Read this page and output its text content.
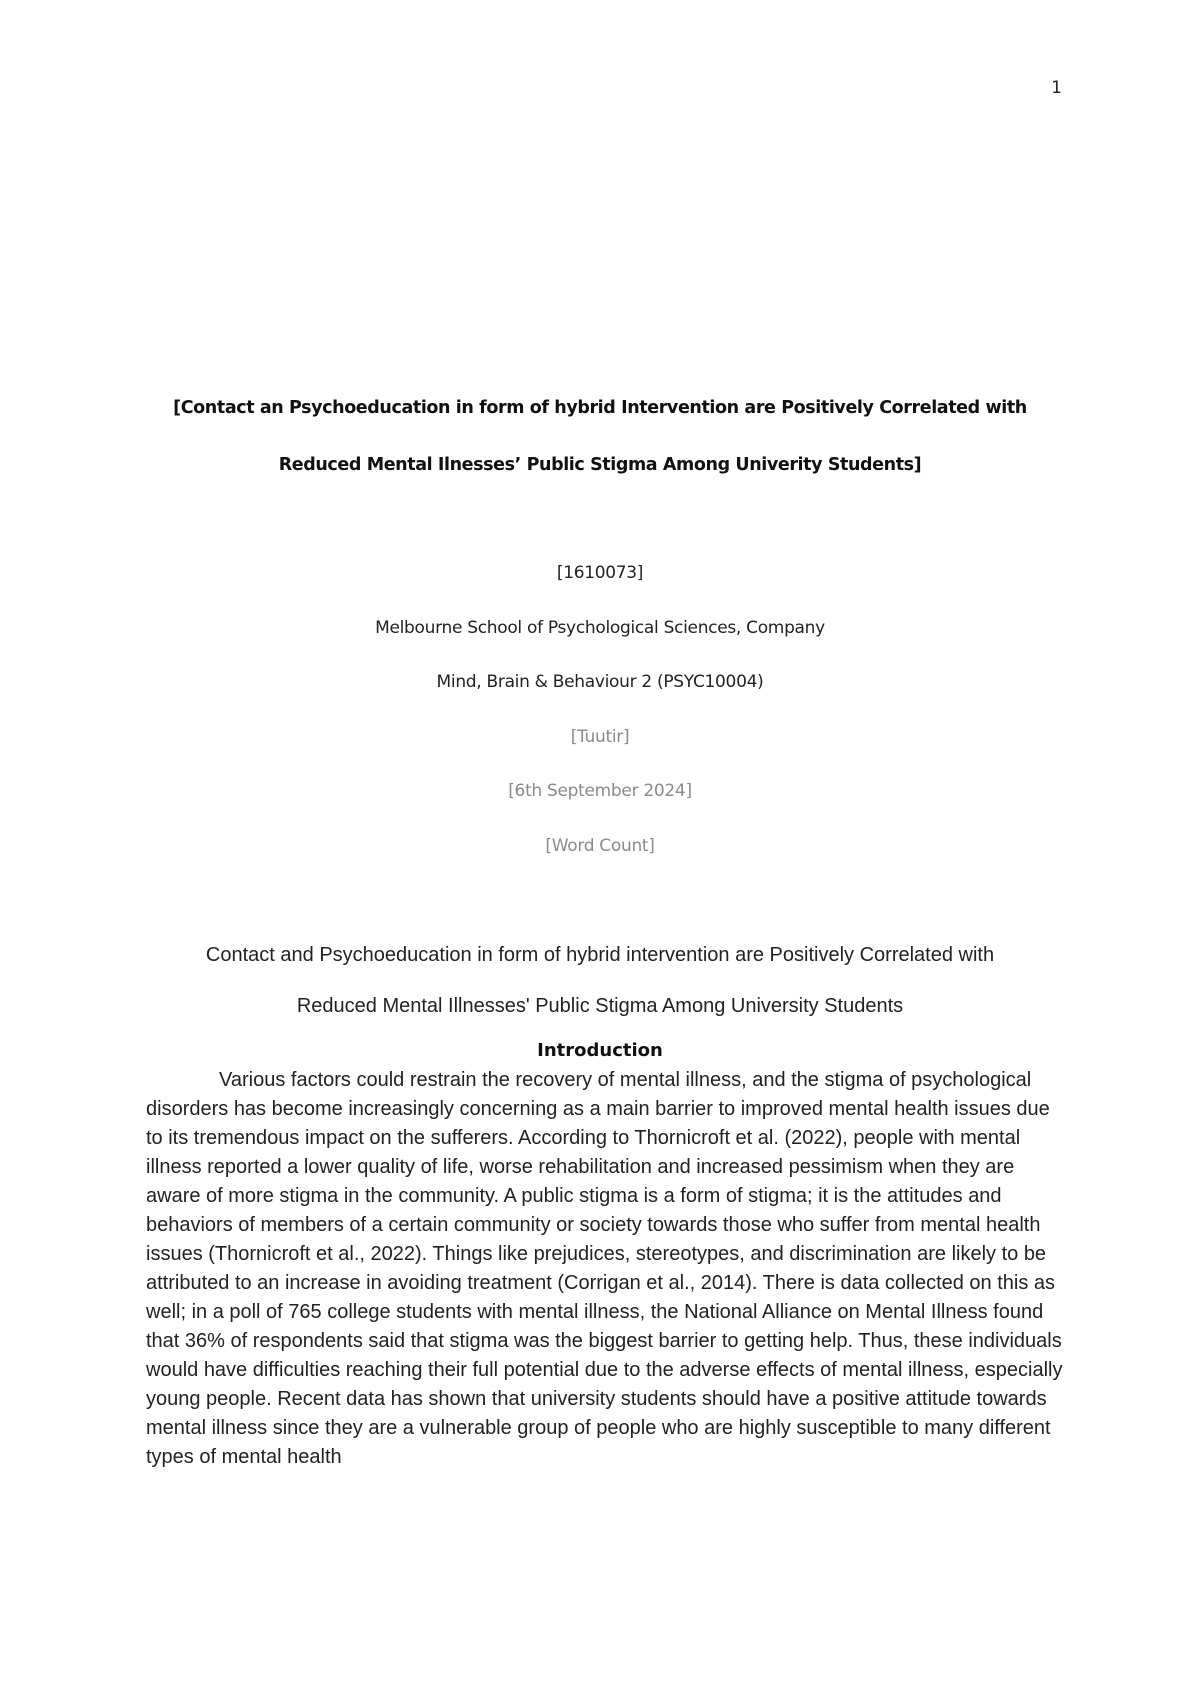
1
[Contact an Psychoeducation in form of hybrid Intervention are Positively Correlated with
Reduced Mental Ilnesses’ Public Stigma Among Univerity Students]
[1610073]
Melbourne School of Psychological Sciences, Company
Mind, Brain & Behaviour 2 (PSYC10004)
[Tuutir]
[6th September 2024]
[Word Count]
Contact and Psychoeducation in form of hybrid intervention are Positively Correlated with
Reduced Mental Illnesses' Public Stigma Among University Students
Introduction

Various factors could restrain the recovery of mental illness, and the stigma of psychological disorders has become increasingly concerning as a main barrier to improved mental health issues due to its tremendous impact on the sufferers. According to Thornicroft et al. (2022), people with mental illness reported a lower quality of life, worse rehabilitation and increased pessimism when they are aware of more stigma in the community. A public stigma is a form of stigma; it is the attitudes and behaviors of members of a certain community or society towards those who suffer from mental health issues (Thornicroft et al., 2022). Things like prejudices, stereotypes, and discrimination are likely to be attributed to an increase in avoiding treatment (Corrigan et al., 2014). There is data collected on this as well; in a poll of 765 college students with mental illness, the National Alliance on Mental Illness found that 36% of respondents said that stigma was the biggest barrier to getting help. Thus, these individuals would have difficulties reaching their full potential due to the adverse effects of mental illness, especially young people. Recent data has shown that university students should have a positive attitude towards mental illness since they are a vulnerable group of people who are highly susceptible to many different types of mental health
